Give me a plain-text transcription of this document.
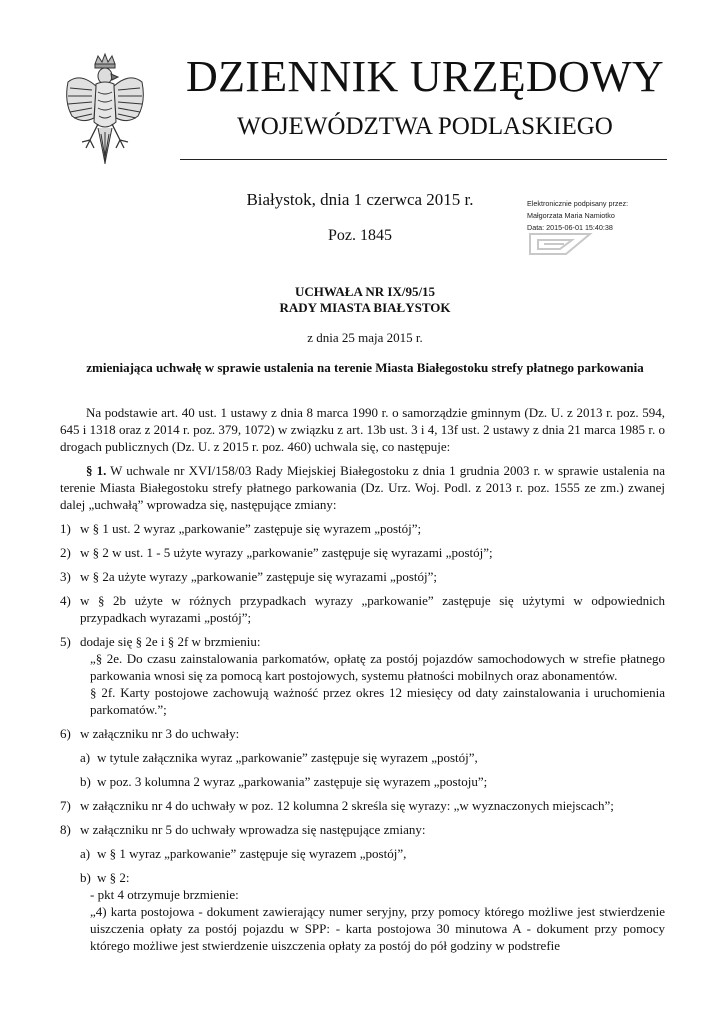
DZIENNIK URZĘDOWY
WOJEWÓDZTWA PODLASKIEGO
Białystok, dnia 1 czerwca 2015 r.
Poz. 1845
Elektronicznie podpisany przez:
Małgorzata Maria Namiotko
Data: 2015-06-01 15:40:38
UCHWAŁA NR IX/95/15
RADY MIASTA BIAŁYSTOK
z dnia 25 maja 2015 r.
zmieniająca uchwałę w sprawie ustalenia na terenie Miasta Białegostoku strefy płatnego parkowania

Na podstawie art. 40 ust. 1 ustawy z dnia 8 marca 1990 r. o samorządzie gminnym (Dz. U. z 2013 r. poz. 594, 645 i 1318 oraz z 2014 r. poz. 379, 1072) w związku z art. 13b ust. 3 i 4, 13f ust. 2 ustawy z dnia 21 marca 1985 r. o drogach publicznych (Dz. U. z 2015 r. poz. 460) uchwala się, co następuje:

§ 1. W uchwale nr XVI/158/03 Rady Miejskiej Białegostoku z dnia 1 grudnia 2003 r. w sprawie ustalenia na terenie Miasta Białegostoku strefy płatnego parkowania (Dz. Urz. Woj. Podl. z 2013 r. poz. 1555 ze zm.) zwanej dalej „uchwałą” wprowadza się, następujące zmiany:

1) w § 1 ust. 2 wyraz „parkowanie” zastępuje się wyrazem „postój”;
2) w § 2 w ust. 1 - 5 użyte wyrazy „parkowanie” zastępuje się wyrazami „postój”;
3) w § 2a użyte wyrazy „parkowanie” zastępuje się wyrazami „postój”;
4) w § 2b użyte w różnych przypadkach wyrazy „parkowanie” zastępuje się użytymi w odpowiednich przypadkach wyrazami „postój”;
5) dodaje się § 2e i § 2f w brzmieniu:

„§ 2e. Do czasu zainstalowania parkomatów, opłatę za postój pojazdów samochodowych w strefie płatnego parkowania wnosi się za pomocą kart postojowych, systemu płatności mobilnych oraz abonamentów.

§ 2f. Karty postojowe zachowują ważność przez okres 12 miesięcy od daty zainstalowania i uruchomienia parkomatów.”;

6) w załączniku nr 3 do uchwały:
a) w tytule załącznika wyraz „parkowanie” zastępuje się wyrazem „postój”,
b) w poz. 3 kolumna 2 wyraz „parkowania” zastępuje się wyrazem „postoju”;
7) w załączniku nr 4 do uchwały w poz. 12 kolumna 2 skreśla się wyrazy: „w wyznaczonych miejscach”;
8) w załączniku nr 5 do uchwały wprowadza się następujące zmiany:
a) w § 1 wyraz „parkowanie” zastępuje się wyrazem „postój”,
b) w § 2:

- pkt 4 otrzymuje brzmienie:

„4) karta postojowa - dokument zawierający numer seryjny, przy pomocy którego możliwe jest stwierdzenie uiszczenia opłaty za postój pojazdu w SPP: - karta postojowa 30 minutowa A - dokument przy pomocy którego możliwe jest stwierdzenie uiszczenia opłaty za postój do pół godziny w podstrefie
